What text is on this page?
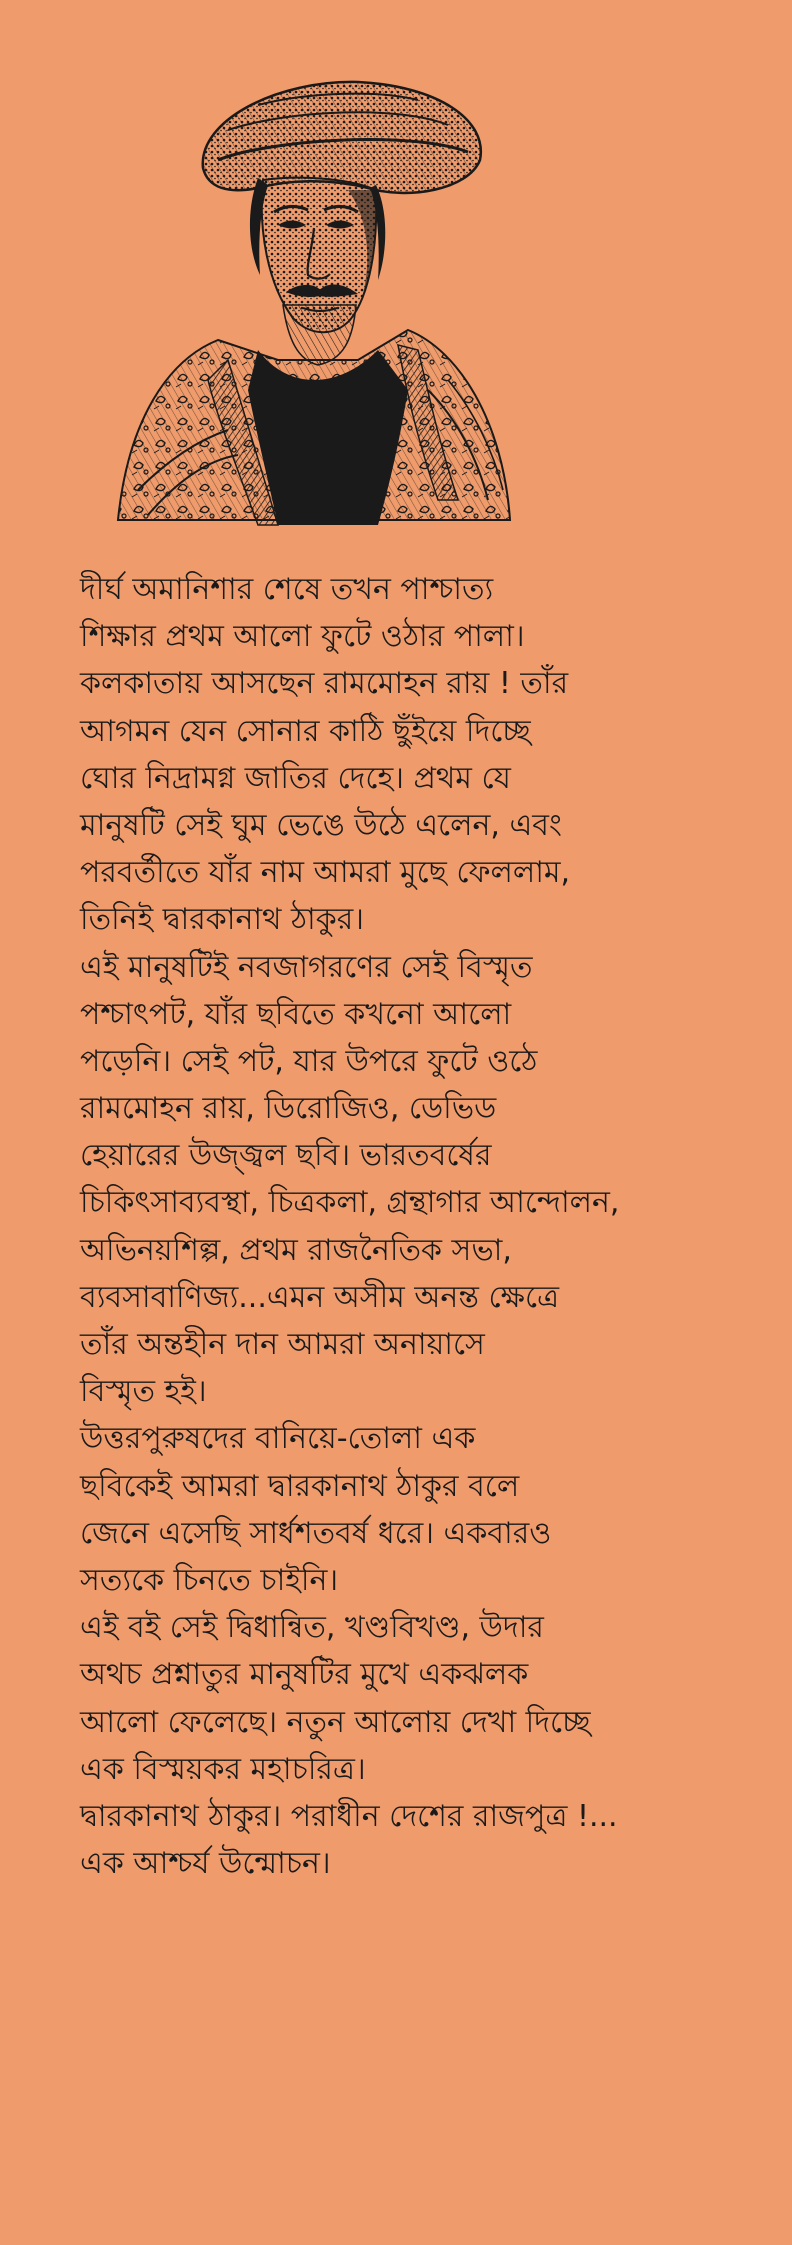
দীর্ঘ অমানিশার শেষে তখন পাশ্চাত্য
শিক্ষার প্রথম আলো ফুটে ওঠার পালা।
কলকাতায় আসছেন রামমোহন রায় ! তাঁর
আগমন যেন সোনার কাঠি ছুঁইয়ে দিচ্ছে
ঘোর নিদ্রামগ্ন জাতির দেহে। প্রথম যে
মানুষটি সেই ঘুম ভেঙে উঠে এলেন, এবং
পরবর্তীতে যাঁর নাম আমরা মুছে ফেললাম,
তিনিই দ্বারকানাথ ঠাকুর।
এই মানুষটিই নবজাগরণের সেই বিস্মৃত
পশ্চাৎপট, যাঁর ছবিতে কখনো আলো
পড়েনি। সেই পট, যার উপরে ফুটে ওঠে
রামমোহন রায়, ডিরোজিও, ডেভিড
হেয়ারের উজ্জ্বল ছবি। ভারতবর্ষের
চিকিৎসাব্যবস্থা, চিত্রকলা, গ্রন্থাগার আন্দোলন,
অভিনয়শিল্প, প্রথম রাজনৈতিক সভা,
ব্যবসাবাণিজ্য...এমন অসীম অনন্ত ক্ষেত্রে
তাঁর অন্তহীন দান আমরা অনায়াসে
বিস্মৃত হই।
উত্তরপুরুষদের বানিয়ে-তোলা এক
ছবিকেই আমরা দ্বারকানাথ ঠাকুর বলে
জেনে এসেছি সার্ধশতবর্ষ ধরে। একবারও
সত্যকে চিনতে চাইনি।
এই বই সেই দ্বিধান্বিত, খণ্ডবিখণ্ড, উদার
অথচ প্রশ্নাতুর মানুষটির মুখে একঝলক
আলো ফেলেছে। নতুন আলোয় দেখা দিচ্ছে
এক বিস্ময়কর মহাচরিত্র।
দ্বারকানাথ ঠাকুর। পরাধীন দেশের রাজপুত্র !...
এক আশ্চর্য উন্মোচন।
